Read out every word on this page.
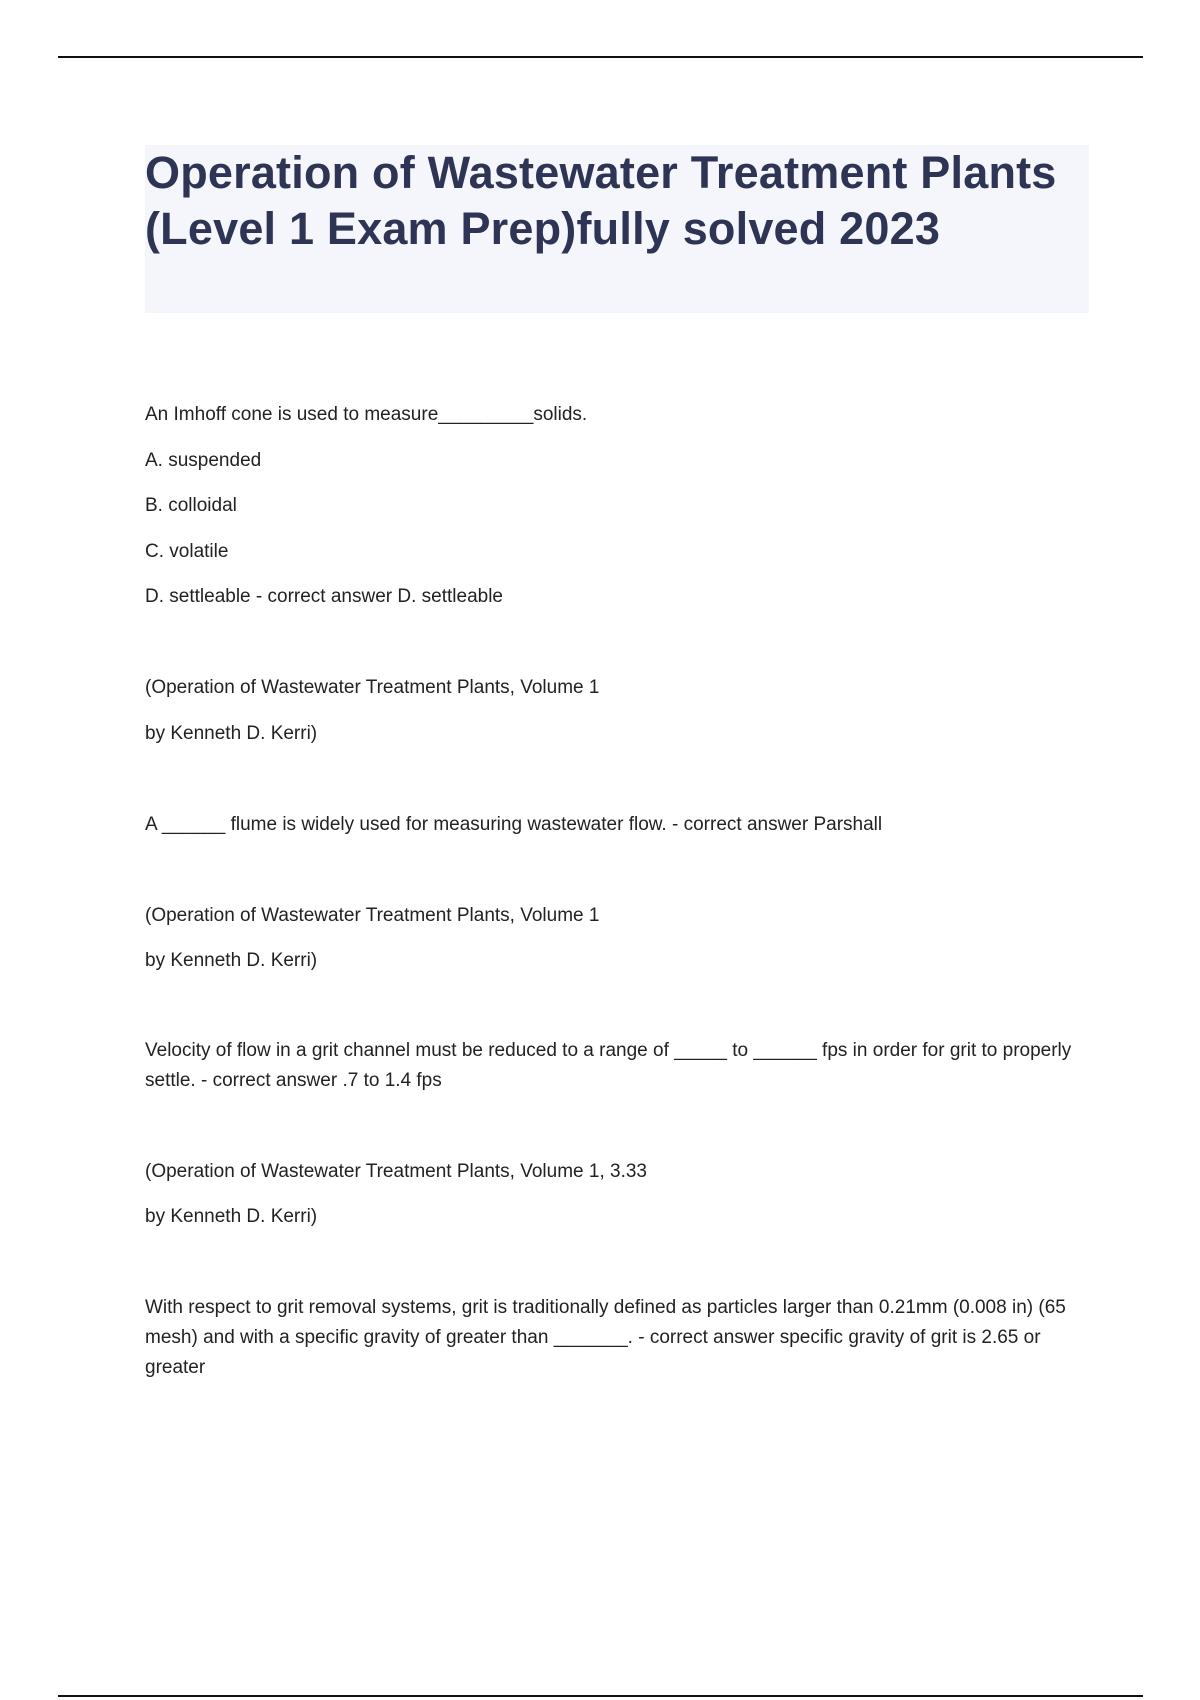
Operation of Wastewater Treatment Plants (Level 1 Exam Prep)fully solved 2023
An Imhoff cone is used to measure_________solids.
A. suspended
B. colloidal
C. volatile
D. settleable - correct answer D. settleable
(Operation of Wastewater Treatment Plants, Volume 1
by Kenneth D. Kerri)
A ______ flume is widely used for measuring wastewater flow. - correct answer Parshall
(Operation of Wastewater Treatment Plants, Volume 1
by Kenneth D. Kerri)
Velocity of flow in a grit channel must be reduced to a range of _____ to ______ fps in order for grit to properly settle. - correct answer .7 to 1.4 fps
(Operation of Wastewater Treatment Plants, Volume 1, 3.33
by Kenneth D. Kerri)
With respect to grit removal systems, grit is traditionally defined as particles larger than 0.21mm (0.008 in) (65 mesh) and with a specific gravity of greater than _______. - correct answer specific gravity of grit is 2.65 or greater
